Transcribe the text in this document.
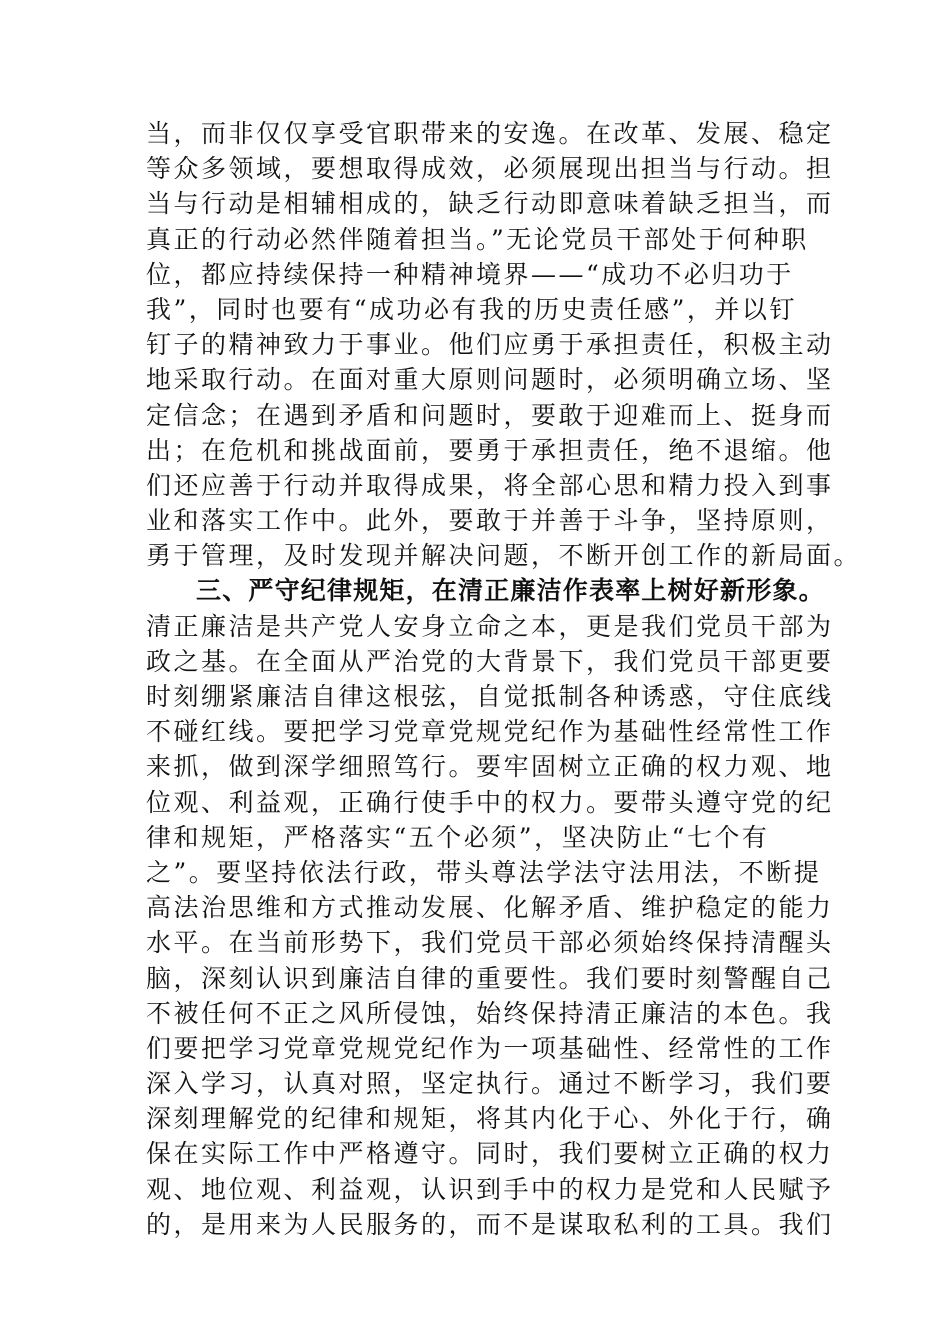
当，而非仅仅享受官职带来的安逸。在改革、发展、稳定
等众多领域，要想取得成效，必须展现出担当与行动。担
当与行动是相辅相成的，缺乏行动即意味着缺乏担当，而
真正的行动必然伴随着担当。”无论党员干部处于何种职
位，都应持续保持一种精神境界——“成功不必归功于
我”，同时也要有“成功必有我的历史责任感”，并以钉
钉子的精神致力于事业。他们应勇于承担责任，积极主动
地采取行动。在面对重大原则问题时，必须明确立场、坚
定信念；在遇到矛盾和问题时，要敢于迎难而上、挺身而
出；在危机和挑战面前，要勇于承担责任，绝不退缩。他
们还应善于行动并取得成果，将全部心思和精力投入到事
业和落实工作中。此外，要敢于并善于斗争，坚持原则，
勇于管理，及时发现并解决问题，不断开创工作的新局面。
三、严守纪律规矩，在清正廉洁作表率上树好新形象。
清正廉洁是共产党人安身立命之本，更是我们党员干部为
政之基。在全面从严治党的大背景下，我们党员干部更要
时刻绷紧廉洁自律这根弦，自觉抵制各种诱惑，守住底线
不碰红线。要把学习党章党规党纪作为基础性经常性工作
来抓，做到深学细照笃行。要牢固树立正确的权力观、地
位观、利益观，正确行使手中的权力。要带头遵守党的纪
律和规矩，严格落实“五个必须”，坚决防止“七个有
之”。要坚持依法行政，带头尊法学法守法用法，不断提
高法治思维和方式推动发展、化解矛盾、维护稳定的能力
水平。在当前形势下，我们党员干部必须始终保持清醒头
脑，深刻认识到廉洁自律的重要性。我们要时刻警醒自己
不被任何不正之风所侵蚀，始终保持清正廉洁的本色。我
们要把学习党章党规党纪作为一项基础性、经常性的工作
深入学习，认真对照，坚定执行。通过不断学习，我们要
深刻理解党的纪律和规矩，将其内化于心、外化于行，确
保在实际工作中严格遵守。同时，我们要树立正确的权力
观、地位观、利益观，认识到手中的权力是党和人民赋予
的，是用来为人民服务的，而不是谋取私利的工具。我们
